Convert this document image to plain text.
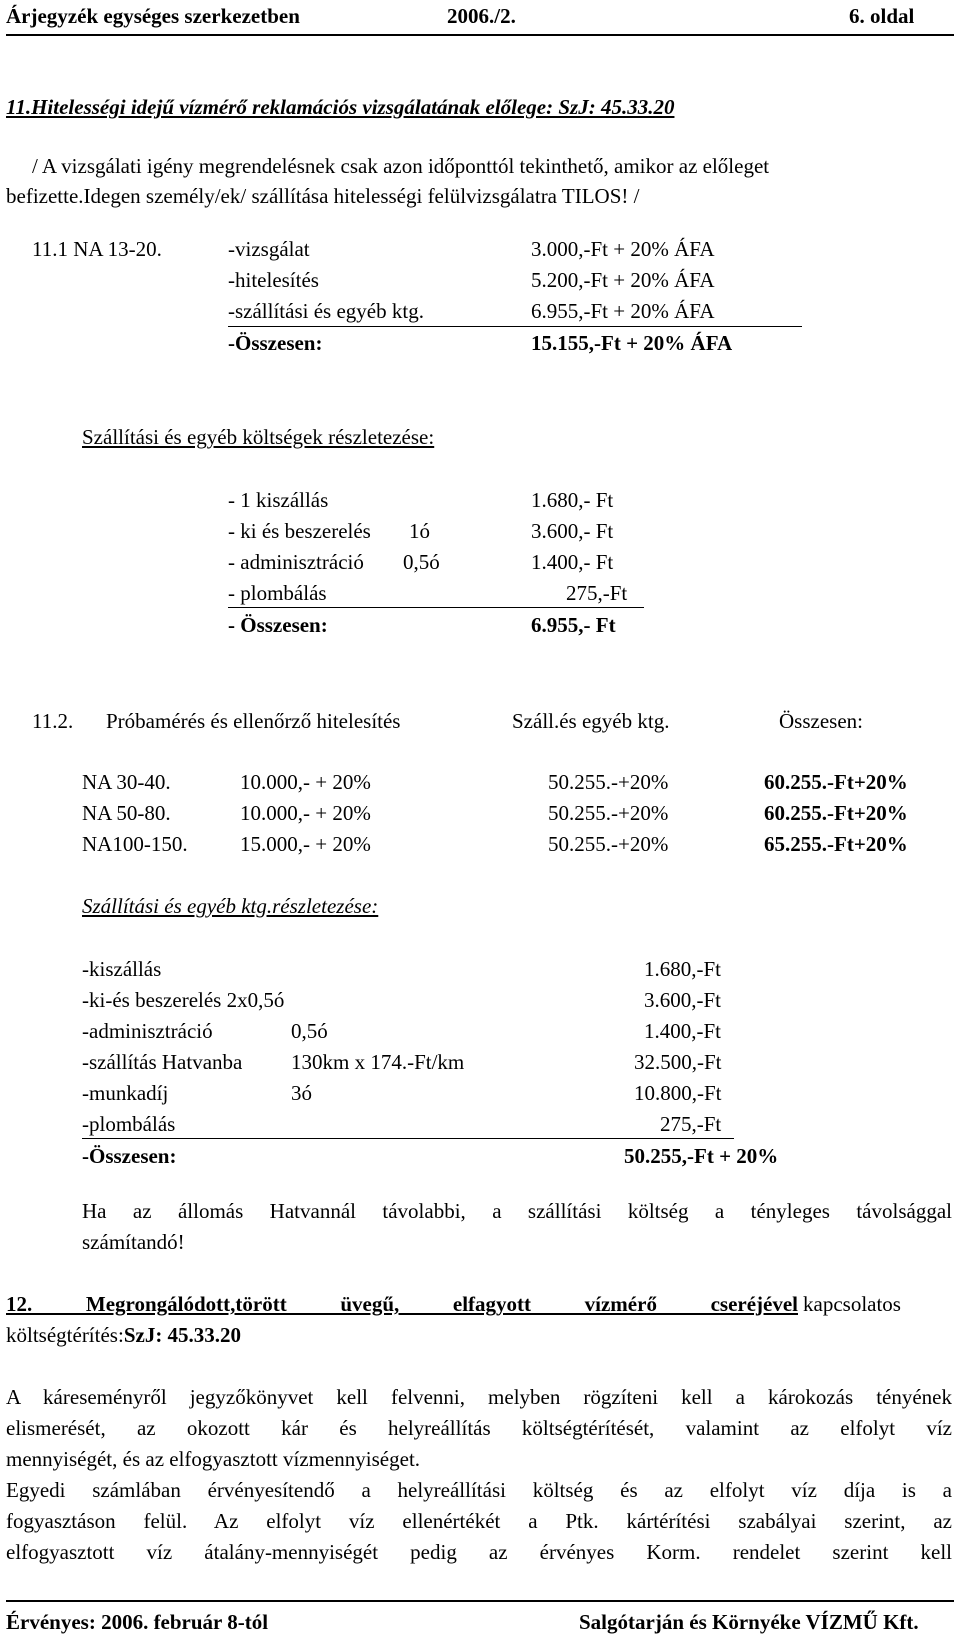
Árjegyzék egységes szerkezetben	2006./2.	6. oldal
11.Hitelességi idejű vízmérő reklamációs vizsgálatának előlege: SzJ: 45.33.20
/ A vizsgálati igény megrendelésnek csak azon időponttól tekinthető, amikor az előleget
befizette.Idegen személy/ek/ szállítása hitelességi felülvizsgálatra TILOS! /
11.1 NA 13-20.	-vizsgálat	3.000,-Ft + 20% ÁFA
-hitelesítés	5.200,-Ft + 20% ÁFA
-szállítási és egyéb ktg.	6.955,-Ft + 20% ÁFA
-Összesen:	15.155,-Ft + 20% ÁFA
Szállítási és egyéb költségek részletezése:
- 1 kiszállás	1.680,- Ft
- ki és beszerelés 1ó	3.600,- Ft
- adminisztráció 0,5ó	1.400,- Ft
- plombálás	275,-Ft
- Összesen:	6.955,- Ft
11.2. Próbamérés és ellenőrző hitelesítés	Száll.és egyéb ktg.	Összesen:
NA 30-40.	10.000,- + 20%	50.255.-+20%	60.255.-Ft+20%
NA 50-80.	10.000,- + 20%	50.255.-+20%	60.255.-Ft+20%
NA100-150. 15.000,- + 20%	50.255.-+20%	65.255.-Ft+20%
Szállítási és egyéb ktg.részletezése:
-kiszállás	1.680,-Ft
-ki-és beszerelés 2x0,5ó	3.600,-Ft
-adminisztráció	0,5ó	1.400,-Ft
-szállítás Hatvanba 130km x 174.-Ft/km	32.500,-Ft
-munkadíj	3ó	10.800,-Ft
-plombálás	275,-Ft
-Összesen:	50.255,-Ft + 20%
Ha az állomás Hatvannál távolabbi, a szállítási költség a tényleges távolsággal
számítandó!
12. Megrongálódott,törött üvegű, elfagyott vízmérő cseréjével kapcsolatos
költségtérítés:SzJ: 45.33.20
A káreseményről jegyzőkönyvet kell felvenni, melyben rögzíteni kell a károkozás tényének
elismerését, az okozott kár és helyreállítás költségtérítését, valamint az elfolyt víz
mennyiségét, és az elfogyasztott vízmennyiséget.
Egyedi számlában érvényesítendő a helyreállítási költség és az elfolyt víz díja is a
fogyasztáson felül. Az elfolyt víz ellenértékét a Ptk. kártérítési szabályai szerint, az
elfogyasztott víz átalány-mennyiségét pedig az érvényes Korm. rendelet szerint kell
Érvényes: 2006. február 8-tól	Salgótarján és Környéke VÍZMŰ Kft.
